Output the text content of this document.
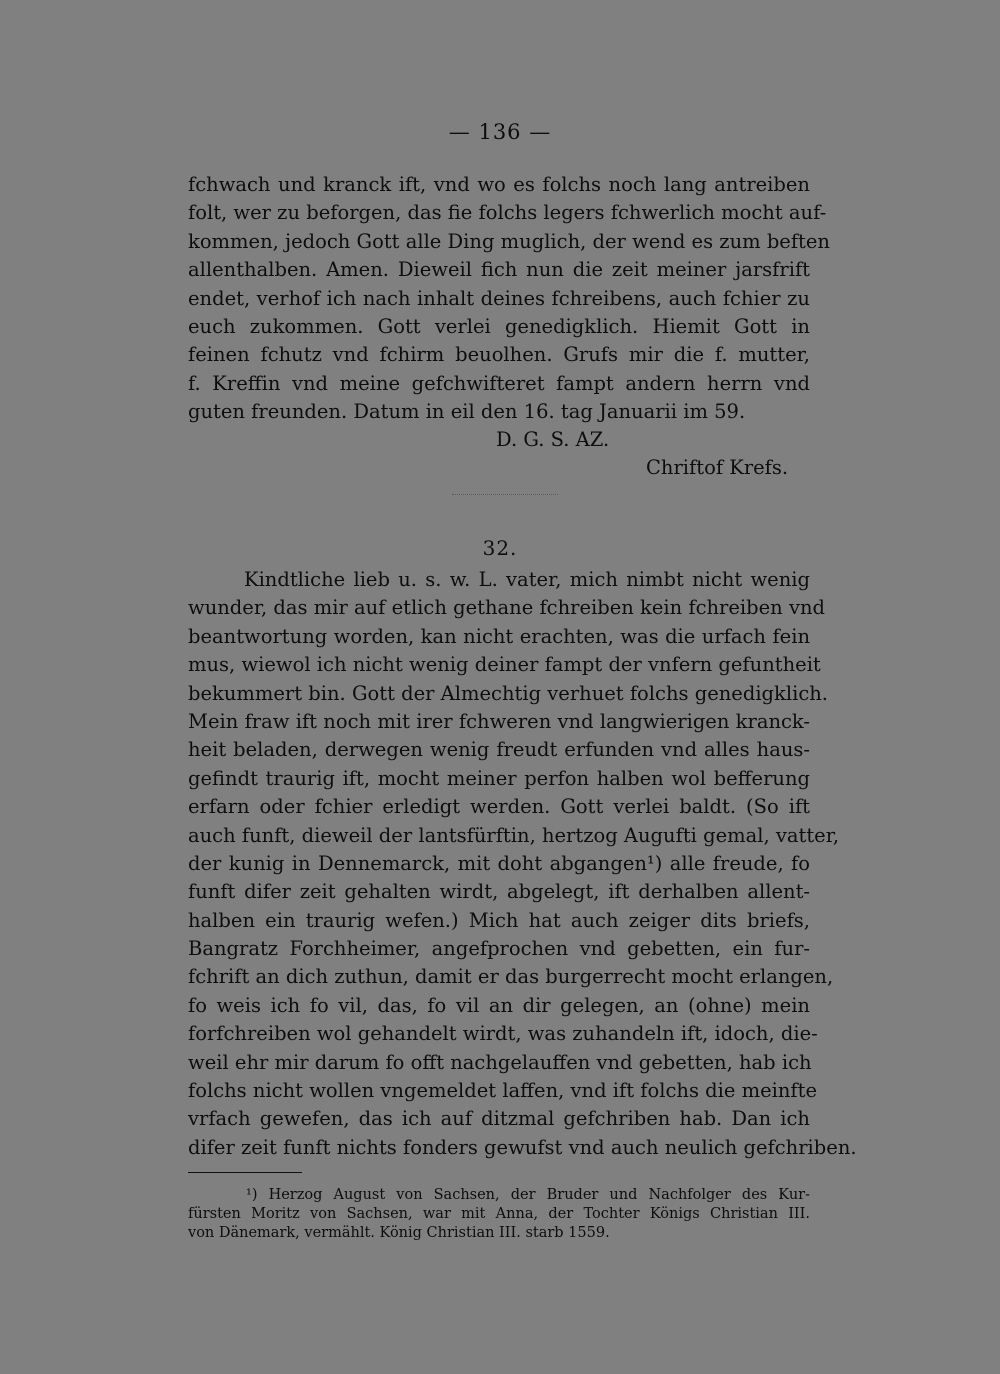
— 136 —
fchwach und kranck ift, vnd wo es folchs noch lang antreiben
folt, wer zu beforgen, das fie folchs legers fchwerlich mocht auf-
kommen, jedoch Gott alle Ding muglich, der wend es zum beften
allenthalben. Amen. Dieweil fich nun die zeit meiner jarsfrift
endet, verhof ich nach inhalt deines fchreibens, auch fchier zu
euch zukommen. Gott verlei genedigklich. Hiemit Gott in
feinen fchutz vnd fchirm beuolhen. Grufs mir die f. mutter,
f. Kreffin vnd meine gefchwifteret fampt andern herrn vnd
guten freunden. Datum in eil den 16. tag Januarii im 59.
D. G. S. AZ.
Chriftof Krefs.
32.
Kindtliche lieb u. s. w. L. vater, mich nimbt nicht wenig
wunder, das mir auf etlich gethane fchreiben kein fchreiben vnd
beantwortung worden, kan nicht erachten, was die urfach fein
mus, wiewol ich nicht wenig deiner fampt der vnfern gefuntheit
bekummert bin. Gott der Almechtig verhuet folchs genedigklich.
Mein fraw ift noch mit irer fchweren vnd langwierigen kranck-
heit beladen, derwegen wenig freudt erfunden vnd alles haus-
gefindt traurig ift, mocht meiner perfon halben wol befferung
erfarn oder fchier erledigt werden. Gott verlei baldt. (So ift
auch funft, dieweil der lantsfürftin, hertzog Augufti gemal, vatter,
der kunig in Dennemarck, mit doht abgangen¹) alle freude, fo
funft difer zeit gehalten wirdt, abgelegt, ift derhalben allent-
halben ein traurig wefen.) Mich hat auch zeiger dits briefs,
Bangratz Forchheimer, angefprochen vnd gebetten, ein fur-
fchrift an dich zuthun, damit er das burgerrecht mocht erlangen,
fo weis ich fo vil, das, fo vil an dir gelegen, an (ohne) mein
forfchreiben wol gehandelt wirdt, was zuhandeln ift, idoch, die-
weil ehr mir darum fo offt nachgelauffen vnd gebetten, hab ich
folchs nicht wollen vngemeldet laffen, vnd ift folchs die meinfte
vrfach gewefen, das ich auf ditzmal gefchriben hab. Dan ich
difer zeit funft nichts fonders gewufst vnd auch neulich gefchriben.
¹) Herzog August von Sachsen, der Bruder und Nachfolger des Kur-
fürsten Moritz von Sachsen, war mit Anna, der Tochter Königs Christian III.
von Dänemark, vermählt. König Christian III. starb 1559.
